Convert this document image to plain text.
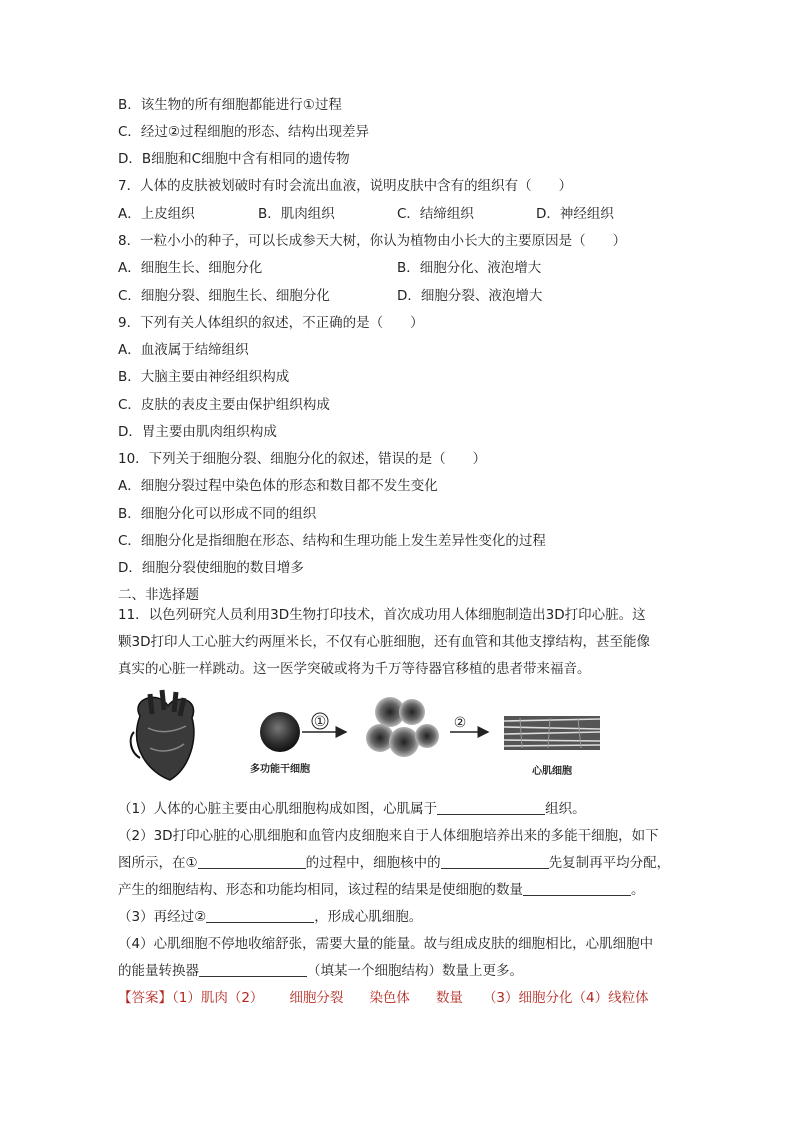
B．该生物的所有细胞都能进行①过程
C．经过②过程细胞的形态、结构出现差异
D．B细胞和C细胞中含有相同的遗传物
7．人体的皮肤被划破时有时会流出血液，说明皮肤中含有的组织有（　　）
A．上皮组织	B．肌肉组织	C．结缔组织	D．神经组织
8．一粒小小的种子，可以长成参天大树，你认为植物由小长大的主要原因是（　　）
A．细胞生长、细胞分化	B．细胞分化、液泡增大
C．细胞分裂、细胞生长、细胞分化	D．细胞分裂、液泡增大
9．下列有关人体组织的叙述，不正确的是（　　）
A．血液属于结缔组织
B．大脑主要由神经组织构成
C．皮肤的表皮主要由保护组织构成
D．胃主要由肌肉组织构成
10．下列关于细胞分裂、细胞分化的叙述，错误的是（　　）
A．细胞分裂过程中染色体的形态和数目都不发生变化
B．细胞分化可以形成不同的组织
C．细胞分化是指细胞在形态、结构和生理功能上发生差异性变化的过程
D．细胞分裂使细胞的数目增多
二、非选择题
11．以色列研究人员利用3D生物打印技术，首次成功用人体细胞制造出3D打印心脏。这
颗3D打印人工心脏大约两厘米长，不仅有心脏细胞，还有血管和其他支撑结构，甚至能像
真实的心脏一样跳动。这一医学突破或将为千万等待器官移植的患者带来福音。
多功能干细胞
①	②
心肌细胞
（1）人体的心脏主要由心肌细胞构成如图，心肌属于	组织。
（2）3D打印心脏的心肌细胞和血管内皮细胞来自于人体细胞培养出来的多能干细胞，如下
图所示，在①	的过程中，细胞核中的	先复制再平均分配，
产生的细胞结构、形态和功能均相同，该过程的结果是使细胞的数量	。
（3）再经过②	，形成心肌细胞。
（4）心肌细胞不停地收缩舒张，需要大量的能量。故与组成皮肤的细胞相比，心肌细胞中
的能量转换器	（填某一个细胞结构）数量上更多。
【答案】（1）肌肉（2） 细胞分裂 染色体 数量 （3）细胞分化（4）线粒体
